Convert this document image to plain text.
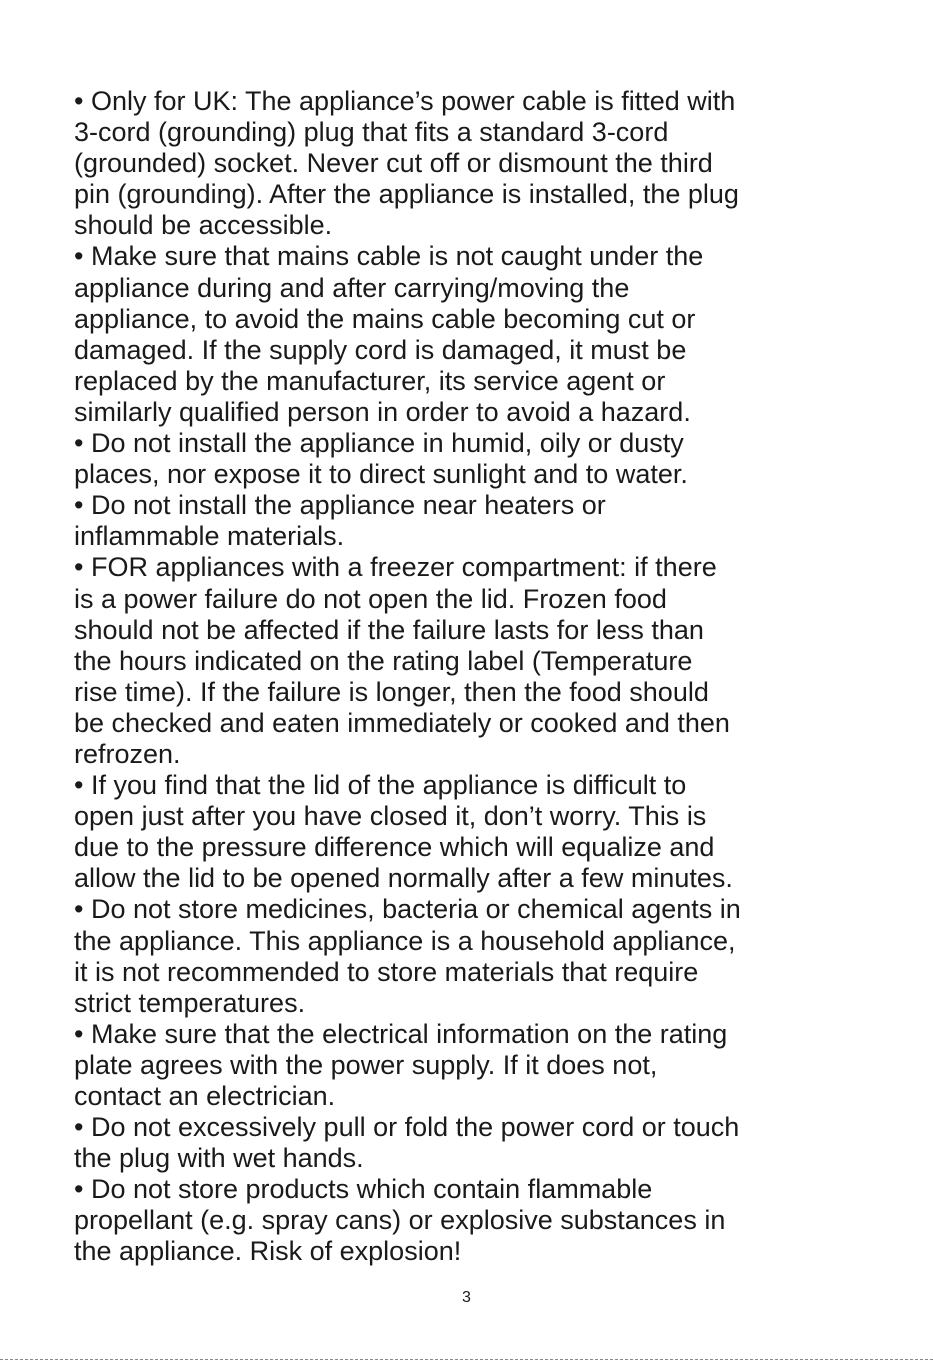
• Only for UK: The appliance’s power cable is fitted with
3-cord (grounding) plug that fits a standard 3-cord
(grounded) socket. Never cut off or dismount the third
pin (grounding). After the appliance is installed, the plug
should be accessible.

• Make sure that mains cable is not caught under the
appliance during and after carrying/moving the
appliance, to avoid the mains cable becoming cut or
damaged. If the supply cord is damaged, it must be
replaced by the manufacturer, its service agent or
similarly qualified person in order to avoid a hazard.

• Do not install the appliance in humid, oily or dusty
places, nor expose it to direct sunlight and to water.

• Do not install the appliance near heaters or
inflammable materials.

• FOR appliances with a freezer compartment: if there
is a power failure do not open the lid. Frozen food
should not be affected if the failure lasts for less than
the hours indicated on the rating label (Temperature
rise time). If the failure is longer, then the food should
be checked and eaten immediately or cooked and then
refrozen.

• If you find that the lid of the appliance is difficult to
open just after you have closed it, don’t worry. This is
due to the pressure difference which will equalize and
allow the lid to be opened normally after a few minutes.

• Do not store medicines, bacteria or chemical agents in
the appliance. This appliance is a household appliance,
it is not recommended to store materials that require
strict temperatures.

• Make sure that the electrical information on the rating
plate agrees with the power supply. If it does not,
contact an electrician.

• Do not excessively pull or fold the power cord or touch
the plug with wet hands.

• Do not store products which contain flammable
propellant (e.g. spray cans) or explosive substances in
the appliance. Risk of explosion!

3
